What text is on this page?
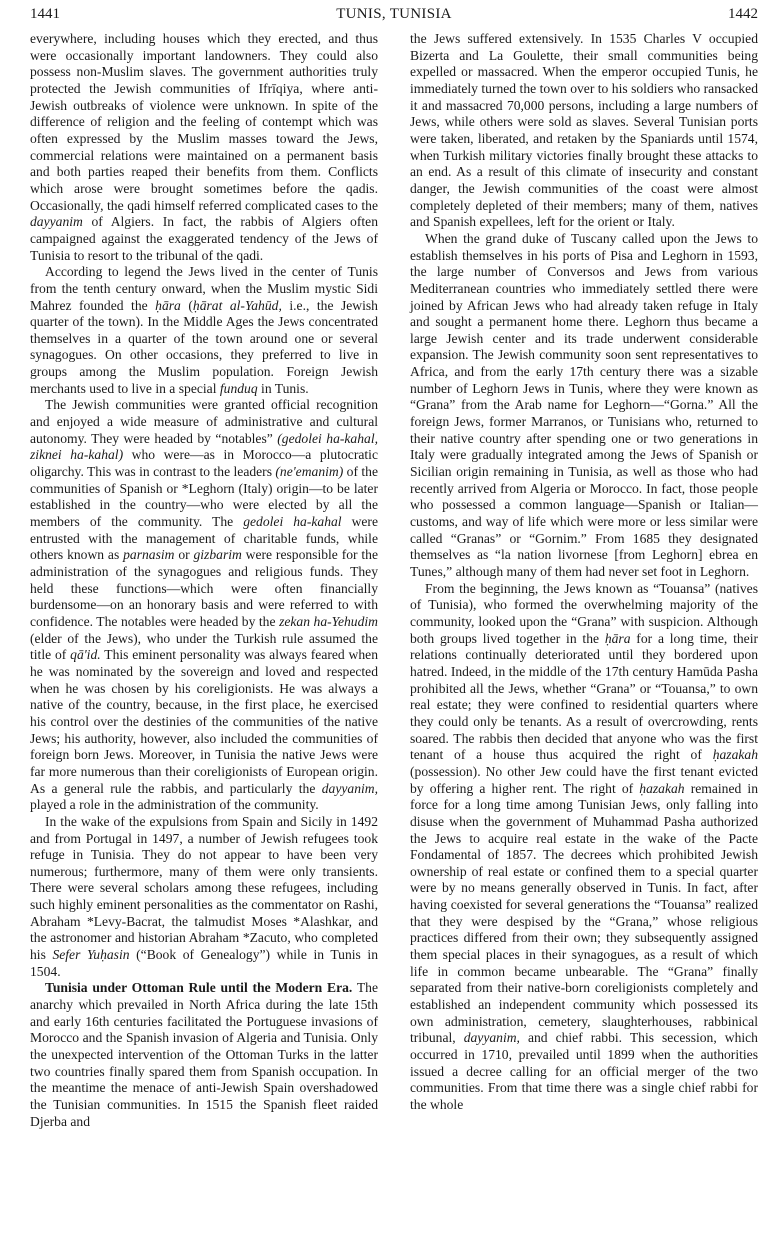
1441	TUNIS, TUNISIA	1442

everywhere, including houses which they erected, and thus were occasionally important landowners. They could also possess non-Muslim slaves. The government authorities truly protected the Jewish communities of Ifrīqiya, where anti-Jewish outbreaks of violence were unknown. In spite of the difference of religion and the feeling of contempt which was often expressed by the Muslim masses toward the Jews, commercial relations were maintained on a permanent basis and both parties reaped their benefits from them. Conflicts which arose were brought sometimes before the qadis. Occasionally, the qadi himself referred complicated cases to the dayyanim of Algiers. In fact, the rabbis of Algiers often campaigned against the exaggerated tendency of the Jews of Tunisia to resort to the tribunal of the qadi.

According to legend the Jews lived in the center of Tunis from the tenth century onward, when the Muslim mystic Sidi Mahrez founded the ḥāra (ḥārat al-Yahūd, i.e., the Jewish quarter of the town). In the Middle Ages the Jews concentrated themselves in a quarter of the town around one or several synagogues. On other occasions, they preferred to live in groups among the Muslim population. Foreign Jewish merchants used to live in a special funduq in Tunis.

The Jewish communities were granted official recognition and enjoyed a wide measure of administrative and cultural autonomy. They were headed by “notables” (gedolei ha-kahal, ziknei ha-kahal) who were—as in Morocco—a plutocratic oligarchy. This was in contrast to the leaders (ne'emanim) of the communities of Spanish or *Leghorn (Italy) origin—to be later established in the country—who were elected by all the members of the community. The gedolei ha-kahal were entrusted with the management of charitable funds, while others known as parnasim or gizbarim were responsible for the administration of the synagogues and religious funds. They held these functions—which were often financially burdensome—on an honorary basis and were referred to with confidence. The notables were headed by the zekan ha-Yehudim (elder of the Jews), who under the Turkish rule assumed the title of qā'id. This eminent personality was always feared when he was nominated by the sovereign and loved and respected when he was chosen by his coreligionists. He was always a native of the country, because, in the first place, he exercised his control over the destinies of the communities of the native Jews; his authority, however, also included the communities of foreign born Jews. Moreover, in Tunisia the native Jews were far more numerous than their coreligionists of European origin. As a general rule the rabbis, and particularly the dayyanim, played a role in the administration of the community.

In the wake of the expulsions from Spain and Sicily in 1492 and from Portugal in 1497, a number of Jewish refugees took refuge in Tunisia. They do not appear to have been very numerous; furthermore, many of them were only transients. There were several scholars among these refugees, including such highly eminent personalities as the commentator on Rashi, Abraham *Levy-Bacrat, the talmudist Moses *Alashkar, and the astronomer and historian Abraham *Zacuto, who completed his Sefer Yuḥasin (“Book of Genealogy”) while in Tunis in 1504.

Tunisia under Ottoman Rule until the Modern Era. The anarchy which prevailed in North Africa during the late 15th and early 16th centuries facilitated the Portuguese invasions of Morocco and the Spanish invasion of Algeria and Tunisia. Only the unexpected intervention of the Ottoman Turks in the latter two countries finally spared them from Spanish occupation. In the meantime the menace of anti-Jewish Spain overshadowed the Tunisian communities. In 1515 the Spanish fleet raided Djerba and

the Jews suffered extensively. In 1535 Charles V occupied Bizerta and La Goulette, their small communities being expelled or massacred. When the emperor occupied Tunis, he immediately turned the town over to his soldiers who ransacked it and massacred 70,000 persons, including a large numbers of Jews, while others were sold as slaves. Several Tunisian ports were taken, liberated, and retaken by the Spaniards until 1574, when Turkish military victories finally brought these attacks to an end. As a result of this climate of insecurity and constant danger, the Jewish communities of the coast were almost completely depleted of their members; many of them, natives and Spanish expellees, left for the orient or Italy.

When the grand duke of Tuscany called upon the Jews to establish themselves in his ports of Pisa and Leghorn in 1593, the large number of Conversos and Jews from various Mediterranean countries who immediately settled there were joined by African Jews who had already taken refuge in Italy and sought a permanent home there. Leghorn thus became a large Jewish center and its trade underwent considerable expansion. The Jewish community soon sent representatives to Africa, and from the early 17th century there was a sizable number of Leghorn Jews in Tunis, where they were known as “Grana” from the Arab name for Leghorn—“Gorna.” All the foreign Jews, former Marranos, or Tunisians who, returned to their native country after spending one or two generations in Italy were gradually integrated among the Jews of Spanish or Sicilian origin remaining in Tunisia, as well as those who had recently arrived from Algeria or Morocco. In fact, those people who possessed a common language—Spanish or Italian—customs, and way of life which were more or less similar were called “Granas” or “Gornim.” From 1685 they designated themselves as “la nation livornese [from Leghorn] ebrea en Tunes,” although many of them had never set foot in Leghorn.

From the beginning, the Jews known as “Touansa” (natives of Tunisia), who formed the overwhelming majority of the community, looked upon the “Grana” with suspicion. Although both groups lived together in the ḥāra for a long time, their relations continually deteriorated until they bordered upon hatred. Indeed, in the middle of the 17th century Hamūda Pasha prohibited all the Jews, whether “Grana” or “Touansa,” to own real estate; they were confined to residential quarters where they could only be tenants. As a result of overcrowding, rents soared. The rabbis then decided that anyone who was the first tenant of a house thus acquired the right of ḥazakah (possession). No other Jew could have the first tenant evicted by offering a higher rent. The right of ḥazakah remained in force for a long time among Tunisian Jews, only falling into disuse when the government of Muhammad Pasha authorized the Jews to acquire real estate in the wake of the Pacte Fondamental of 1857. The decrees which prohibited Jewish ownership of real estate or confined them to a special quarter were by no means generally observed in Tunis. In fact, after having coexisted for several generations the “Touansa” realized that they were despised by the “Grana,” whose religious practices differed from their own; they subsequently assigned them special places in their synagogues, as a result of which life in common became unbearable. The “Grana” finally separated from their native-born coreligionists completely and established an independent community which possessed its own administration, cemetery, slaughterhouses, rabbinical tribunal, dayyanim, and chief rabbi. This secession, which occurred in 1710, prevailed until 1899 when the authorities issued a decree calling for an official merger of the two communities. From that time there was a single chief rabbi for the whole
